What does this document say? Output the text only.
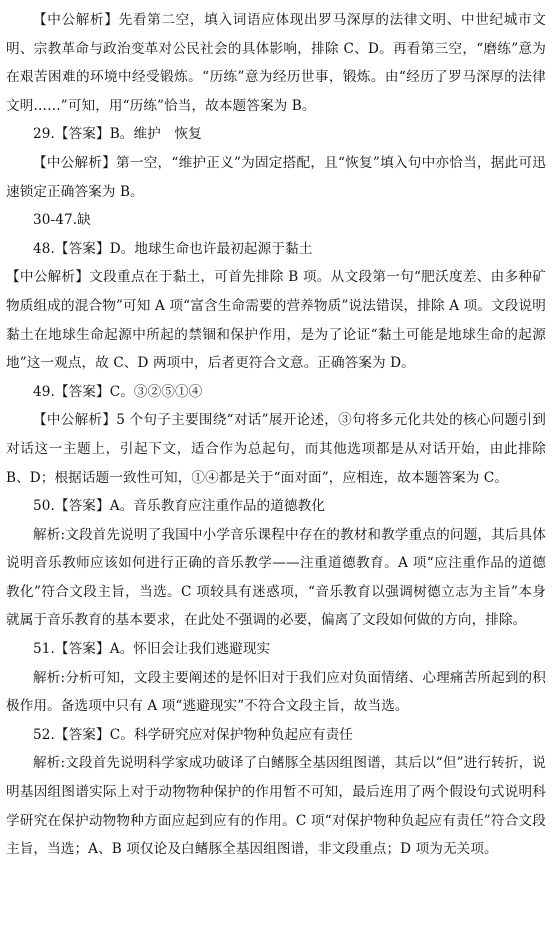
【中公解析】先看第二空，填入词语应体现出罗马深厚的法律文明、中世纪城市文明、宗教革命与政治变革对公民社会的具体影响，排除 C、D。再看第三空，“磨练”意为在艰苦困难的环境中经受锻炼。“历练”意为经历世事，锻炼。由“经历了罗马深厚的法律文明……”可知，用“历练”恰当，故本题答案为 B。

29.【答案】B。维护　恢复

【中公解析】第一空，“维护正义”为固定搭配，且“恢复”填入句中亦恰当，据此可迅速锁定正确答案为 B。

30-47.缺

48.【答案】D。地球生命也许最初起源于黏土

【中公解析】文段重点在于黏土，可首先排除 B 项。从文段第一句“肥沃度差、由多种矿物质组成的混合物”可知 A 项“富含生命需要的营养物质”说法错误，排除 A 项。文段说明黏土在地球生命起源中所起的禁锢和保护作用，是为了论证“黏土可能是地球生命的起源地”这一观点，故 C、D 两项中，后者更符合文意。正确答案为 D。

49.【答案】C。③②⑤①④

【中公解析】5 个句子主要围绕“对话”展开论述，③句将多元化共处的核心问题引到对话这一主题上，引起下文，适合作为总起句，而其他选项都是从对话开始，由此排除 B、D；根据话题一致性可知，①④都是关于“面对面”，应相连，故本题答案为 C。

50.【答案】A。音乐教育应注重作品的道德教化

解析:文段首先说明了我国中小学音乐课程中存在的教材和教学重点的问题，其后具体说明音乐教师应该如何进行正确的音乐教学——注重道德教育。A 项“应注重作品的道德教化”符合文段主旨，当选。C 项较具有迷惑项，“音乐教育以强调树德立志为主旨”本身就属于音乐教育的基本要求，在此处不强调的必要，偏离了文段如何做的方向，排除。

51.【答案】A。怀旧会让我们逃避现实

解析:分析可知，文段主要阐述的是怀旧对于我们应对负面情绪、心理痛苦所起到的积极作用。备选项中只有 A 项“逃避现实”不符合文段主旨，故当选。

52.【答案】C。科学研究应对保护物种负起应有责任

解析:文段首先说明科学家成功破译了白鳍豚全基因组图谱，其后以“但”进行转折，说明基因组图谱实际上对于动物物种保护的作用暂不可知，最后连用了两个假设句式说明科学研究在保护动物物种方面应起到应有的作用。C 项“对保护物种负起应有责任”符合文段主旨，当选；A、B 项仅论及白鳍豚全基因组图谱，非文段重点；D 项为无关项。
